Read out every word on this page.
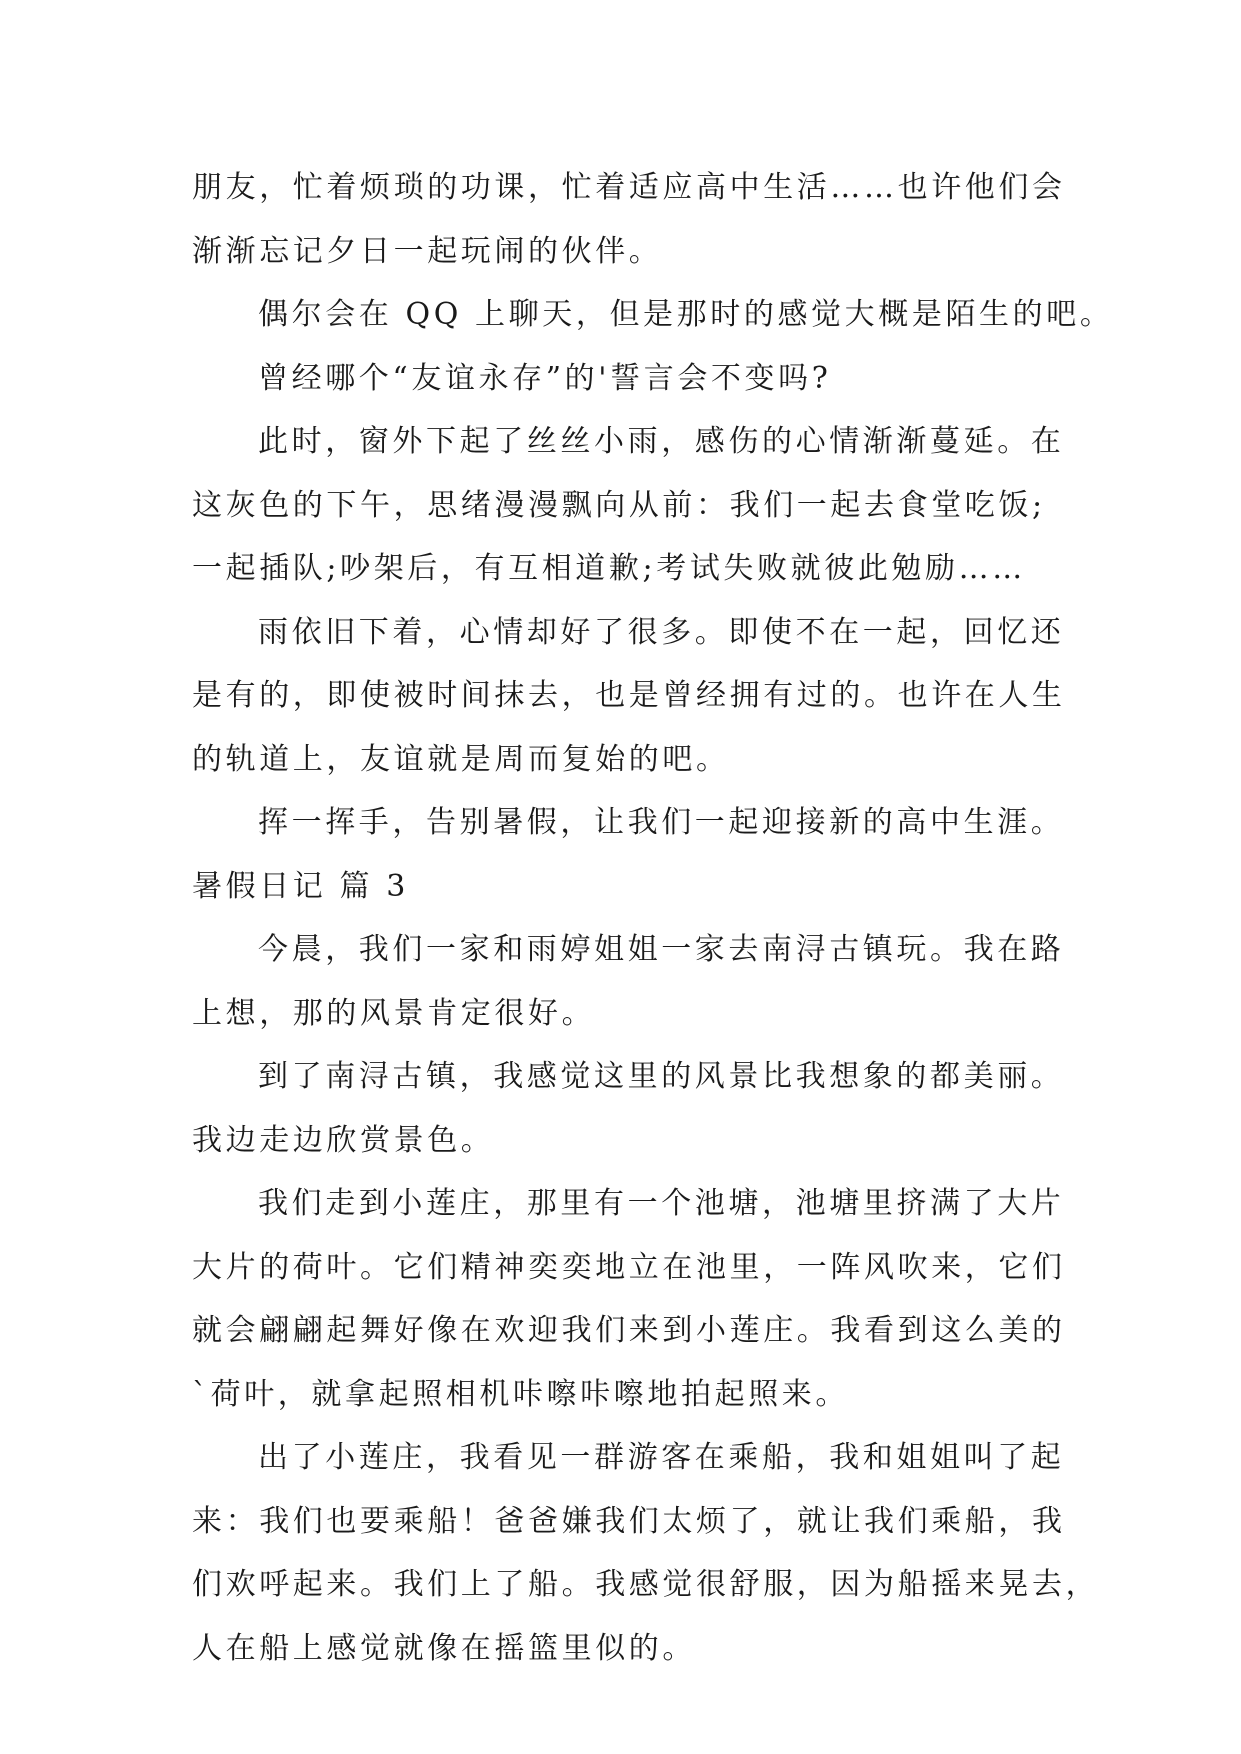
朋友，忙着烦琐的功课，忙着适应高中生活……也许他们会
渐渐忘记夕日一起玩闹的伙伴。
偶尔会在 QQ 上聊天，但是那时的感觉大概是陌生的吧。
曾经哪个“友谊永存”的'誓言会不变吗?
此时，窗外下起了丝丝小雨，感伤的心情渐渐蔓延。在
这灰色的下午，思绪漫漫飘向从前：我们一起去食堂吃饭;
一起插队;吵架后，有互相道歉;考试失败就彼此勉励……
雨依旧下着，心情却好了很多。即使不在一起，回忆还
是有的，即使被时间抹去，也是曾经拥有过的。也许在人生
的轨道上，友谊就是周而复始的吧。
挥一挥手，告别暑假，让我们一起迎接新的高中生涯。
暑假日记 篇 3
今晨，我们一家和雨婷姐姐一家去南浔古镇玩。我在路
上想，那的风景肯定很好。
到了南浔古镇，我感觉这里的风景比我想象的都美丽。
我边走边欣赏景色。
我们走到小莲庄，那里有一个池塘，池塘里挤满了大片
大片的荷叶。它们精神奕奕地立在池里，一阵风吹来，它们
就会翩翩起舞好像在欢迎我们来到小莲庄。我看到这么美的
`荷叶，就拿起照相机咔嚓咔嚓地拍起照来。
出了小莲庄，我看见一群游客在乘船，我和姐姐叫了起
来：我们也要乘船！爸爸嫌我们太烦了，就让我们乘船，我
们欢呼起来。我们上了船。我感觉很舒服，因为船摇来晃去，
人在船上感觉就像在摇篮里似的。
